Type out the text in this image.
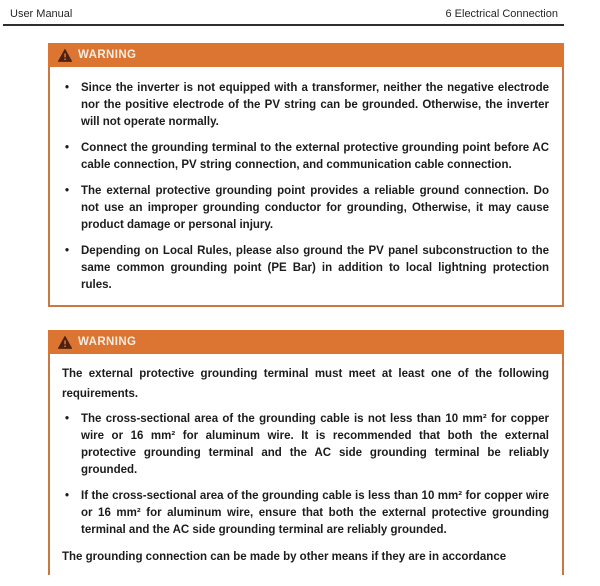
User Manual	6 Electrical Connection
WARNING
• Since the inverter is not equipped with a transformer, neither the negative electrode nor the positive electrode of the PV string can be grounded. Otherwise, the inverter will not operate normally.
• Connect the grounding terminal to the external protective grounding point before AC cable connection, PV string connection, and communication cable connection.
• The external protective grounding point provides a reliable ground connection. Do not use an improper grounding conductor for grounding, Otherwise, it may cause product damage or personal injury.
• Depending on Local Rules, please also ground the PV panel subconstruction to the same common grounding point (PE Bar) in addition to local lightning protection rules.
WARNING

The external protective grounding terminal must meet at least one of the following requirements.

• The cross-sectional area of the grounding cable is not less than 10 mm² for copper wire or 16 mm² for aluminum wire. It is recommended that both the external protective grounding terminal and the AC side grounding terminal be reliably grounded.
• If the cross-sectional area of the grounding cable is less than 10 mm² for copper wire or 16 mm² for aluminum wire, ensure that both the external protective grounding terminal and the AC side grounding terminal are reliably grounded.

The grounding connection can be made by other means if they are in accordance
